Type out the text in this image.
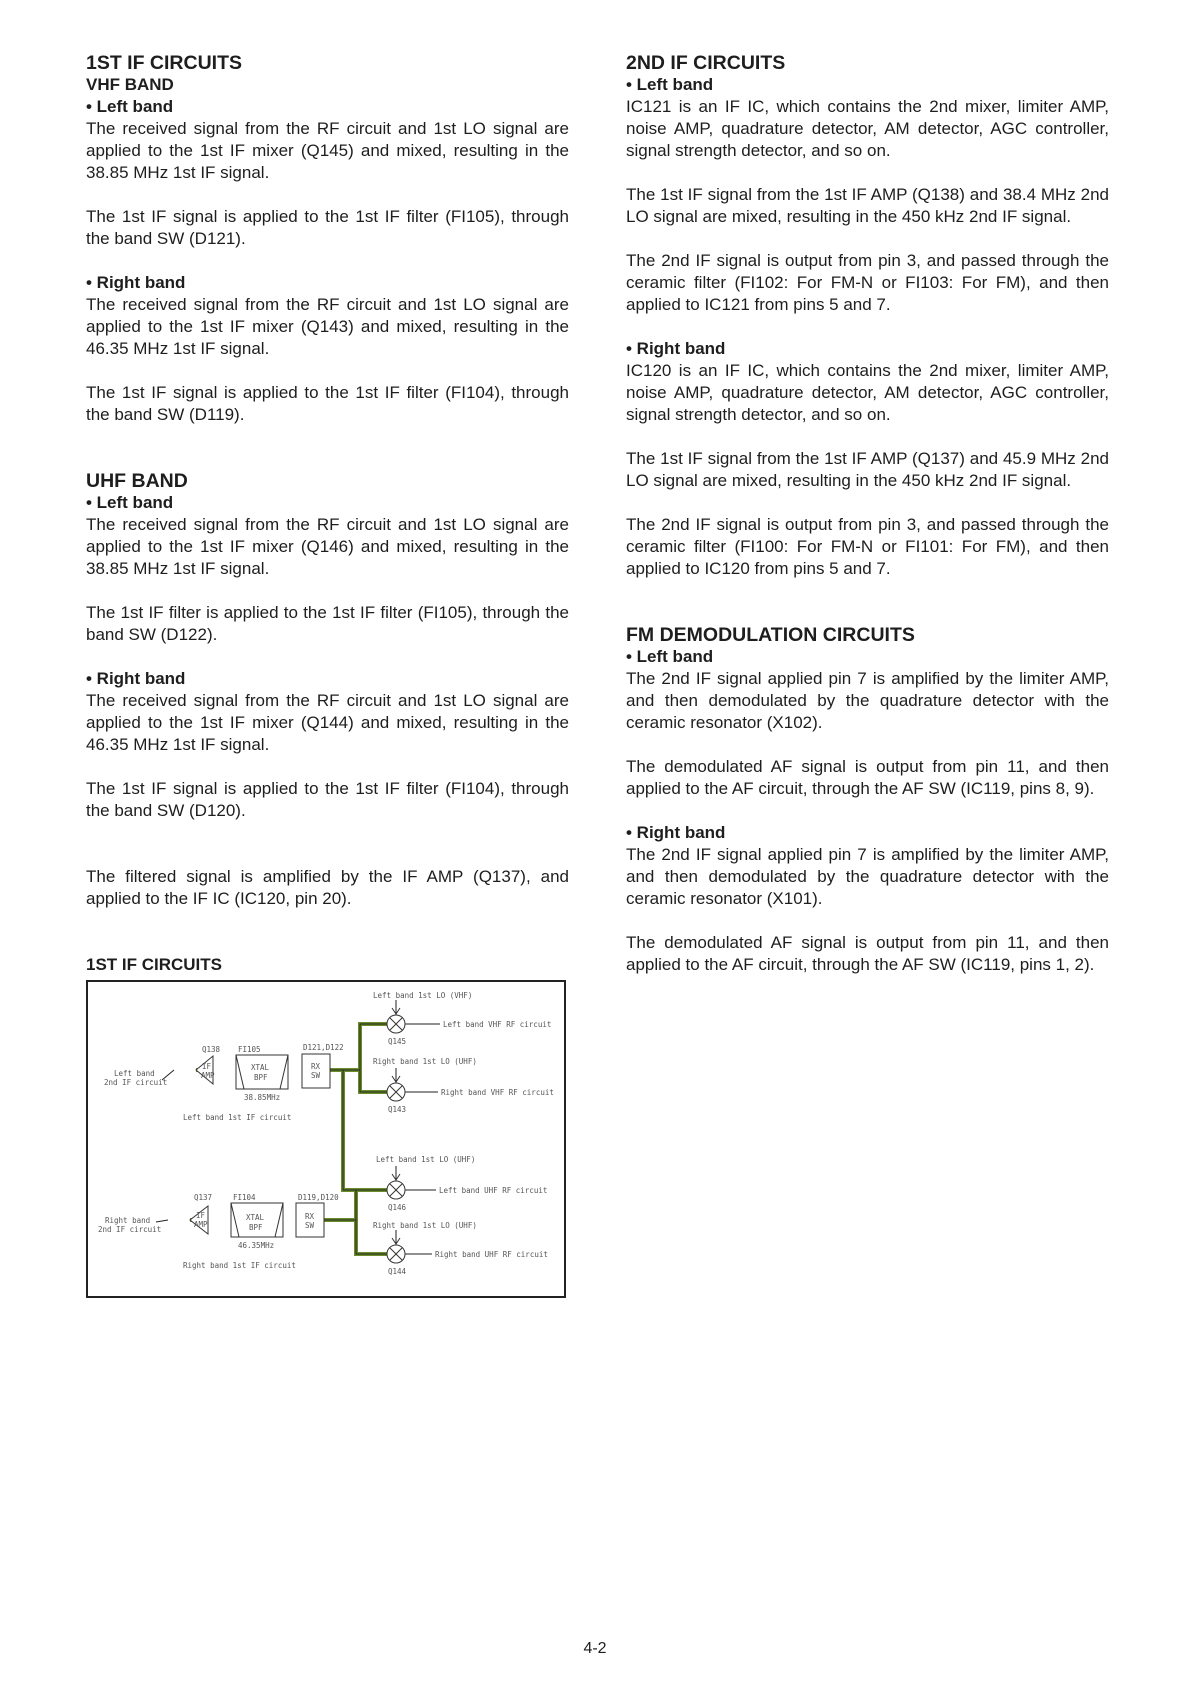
1ST IF CIRCUITS

VHF BAND

• Left band

The received signal from the RF circuit and 1st LO signal are applied to the 1st IF mixer (Q145) and mixed, resulting in the 38.85 MHz 1st IF signal.

The 1st IF signal is applied to the 1st IF filter (FI105), through the band SW (D121).

• Right band

The received signal from the RF circuit and 1st LO signal are applied to the 1st IF mixer (Q143) and mixed, resulting in the 46.35 MHz 1st IF signal.

The 1st IF signal is applied to the 1st IF filter (FI104), through the band SW (D119).

UHF BAND

• Left band

The received signal from the RF circuit and 1st LO signal are applied to the 1st IF mixer (Q146) and mixed, resulting in the 38.85 MHz 1st IF signal.

The 1st IF filter is applied to the 1st IF filter (FI105), through the band SW (D122).

• Right band

The received signal from the RF circuit and 1st LO signal are applied to the 1st IF mixer (Q144) and mixed, resulting in the 46.35 MHz 1st IF signal.

The 1st IF signal is applied to the 1st IF filter (FI104), through the band SW (D120).

The filtered signal is amplified by the IF AMP (Q137), and applied to the IF IC (IC120, pin 20).

1ST IF CIRCUITS

Left band 1st LO (VHF)
Left band VHF RF circuit
Q145
Right band 1st LO (UHF)
Right band VHF RF circuit
Q143
Left band 1st LO (UHF)
Left band UHF RF circuit
Q146
Right band 1st LO (UHF)
Right band UHF RF circuit
Q144
Q138 FI105	D121,D122
Left band
2nd IF circuit
IF
AMP
XTAL
BPF
RX
SW
38.85MHz
Left band 1st IF circuit
Q137	FI104	D119,D120
Right band
2nd IF circuit
IF
AMP
XTAL
BPF
RX
SW
46.35MHz
Right band 1st IF circuit

2ND IF CIRCUITS

• Left band

IC121 is an IF IC, which contains the 2nd mixer, limiter AMP, noise AMP, quadrature detector, AM detector, AGC controller, signal strength detector, and so on.

The 1st IF signal from the 1st IF AMP (Q138) and 38.4 MHz 2nd LO signal are mixed, resulting in the 450 kHz 2nd IF signal.

The 2nd IF signal is output from pin 3, and passed through the ceramic filter (FI102: For FM-N or FI103: For FM), and then applied to IC121 from pins 5 and 7.

• Right band

IC120 is an IF IC, which contains the 2nd mixer, limiter AMP, noise AMP, quadrature detector, AM detector, AGC controller, signal strength detector, and so on.

The 1st IF signal from the 1st IF AMP (Q137) and 45.9 MHz 2nd LO signal are mixed, resulting in the 450 kHz 2nd IF signal.

The 2nd IF signal is output from pin 3, and passed through the ceramic filter (FI100: For FM-N or FI101: For FM), and then applied to IC120 from pins 5 and 7.

FM DEMODULATION CIRCUITS

• Left band

The 2nd IF signal applied pin 7 is amplified by the limiter AMP, and then demodulated by the quadrature detector with the ceramic resonator (X102).

The demodulated AF signal is output from pin 11, and then applied to the AF circuit, through the AF SW (IC119, pins 8, 9).

• Right band

The 2nd IF signal applied pin 7 is amplified by the limiter AMP, and then demodulated by the quadrature detector with the ceramic resonator (X101).

The demodulated AF signal is output from pin 11, and then applied to the AF circuit, through the AF SW (IC119, pins 1, 2).

4-2
